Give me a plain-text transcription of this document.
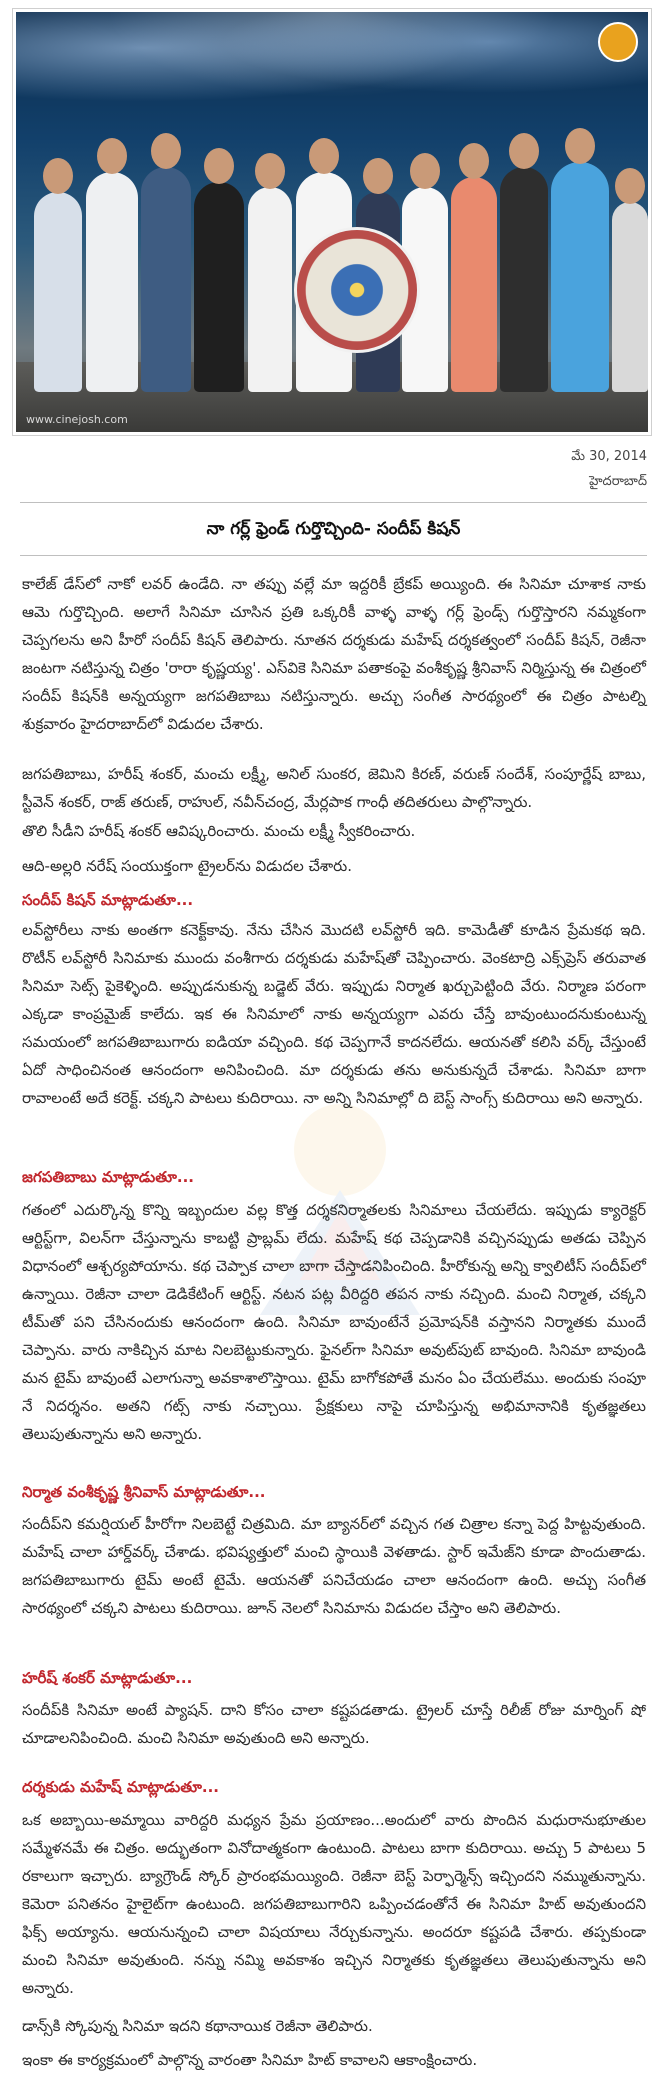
www.cinejosh.com
మే 30, 2014
హైదరాబాద్
నా గర్ల్ ఫ్రెండ్ గుర్తొచ్చింది- సందీప్ కిషన్

కాలేజ్ డేస్‌లో నాకో లవర్ ఉండేది. నా తప్పు వల్లే మా ఇద్దరికీ బ్రేకప్ అయ్యింది. ఈ సినిమా చూశాక నాకు ఆమె గుర్తొచ్చింది. అలాగే సినిమా చూసిన ప్రతి ఒక్కరికీ వాళ్ళ వాళ్ళ గర్ల్ ఫ్రెండ్స్ గుర్తొస్తారని నమ్మకంగా చెప్పగలను అని హీరో సందీప్ కిషన్ తెలిపారు. నూతన దర్శకుడు మహేష్ దర్శకత్వంలో సందీప్ కిషన్, రెజీనా జంటగా నటిస్తున్న చిత్రం 'రారా కృష్ణయ్య'. ఎస్‌వికె సినిమా పతాకంపై వంశీకృష్ణ శ్రీనివాస్ నిర్మిస్తున్న ఈ చిత్రంలో సందీప్ కిషన్‌కి అన్నయ్యగా జగపతిబాబు నటిస్తున్నారు. అచ్చు సంగీత సారథ్యంలో ఈ చిత్రం పాటల్ని శుక్రవారం హైదరాబాద్‌లో విడుదల చేశారు.

జగపతిబాబు, హరీష్ శంకర్, మంచు లక్ష్మీ, అనిల్ సుంకర, జెమిని కిరణ్, వరుణ్ సందేశ్, సంపూర్ణేష్ బాబు, స్టీవెన్ శంకర్, రాజ్ తరుణ్, రాహుల్, నవీన్‌చంద్ర, మేర్లపాక గాంధీ తదితరులు పాల్గొన్నారు.

తొలి సీడీని హరీష్ శంకర్ ఆవిష్కరించారు. మంచు లక్ష్మీ స్వీకరించారు.

ఆది-అల్లరి నరేష్ సంయుక్తంగా ట్రైలర్‌ను విడుదల చేశారు.

సందీప్ కిషన్ మాట్లాడుతూ...

లవ్‌స్టోరీలు నాకు అంతగా కనెక్ట్‌కావు. నేను చేసిన మొదటి లవ్‌స్టోరీ ఇది. కామెడీతో కూడిన ప్రేమకథ ఇది. రొటీన్ లవ్‌స్టోరీ సినిమాకు ముందు వంశీగారు దర్శకుడు మహేష్‌తో చెప్పించారు. వెంకటాద్రి ఎక్స్‌ప్రెస్ తరువాత సినిమా సెట్స్ పైకెళ్ళింది. అప్పుడనుకున్న బడ్జెట్ వేరు. ఇప్పుడు నిర్మాత ఖర్చుపెట్టింది వేరు. నిర్మాణ పరంగా ఎక్కడా కాంప్రమైజ్ కాలేదు. ఇక ఈ సినిమాలో నాకు అన్నయ్యగా ఎవరు చేస్తే బావుంటుందనుకుంటున్న సమయంలో జగపతిబాబుగారు ఐడియా వచ్చింది. కథ చెప్పగానే కాదనలేదు. ఆయనతో కలిసి వర్క్ చేస్తుంటే ఏదో సాధించినంత ఆనందంగా అనిపించింది. మా దర్శకుడు తను అనుకున్నదే చేశాడు. సినిమా బాగా రావాలంటే అదే కరెక్ట్. చక్కని పాటలు కుదిరాయి. నా అన్ని సినిమాల్లో ది బెస్ట్ సాంగ్స్ కుదిరాయి అని అన్నారు.

జగపతిబాబు మాట్లాడుతూ...

గతంలో ఎదుర్కొన్న కొన్ని ఇబ్బందుల వల్ల కొత్త దర్శకనిర్మాతలకు సినిమాలు చేయలేదు. ఇప్పుడు క్యారెక్టర్ ఆర్టిస్ట్‌గా, విలన్‌గా చేస్తున్నాను కాబట్టి ప్రాబ్లమ్ లేదు. మహేష్ కథ చెప్పడానికి వచ్చినప్పుడు అతడు చెప్పిన విధానంలో ఆశ్చర్యపోయాను. కథ చెప్పాక చాలా బాగా చేస్తాడనిపించింది. హీరోకున్న అన్ని క్వాలిటీస్ సందీప్‌లో ఉన్నాయి. రెజీనా చాలా డెడికేటింగ్ ఆర్టిస్ట్. నటన పట్ల వీరిద్దరి తపన నాకు నచ్చింది. మంచి నిర్మాత, చక్కని టీమ్‌తో పని చేసినందుకు ఆనందంగా ఉంది. సినిమా బావుంటేనే ప్రమోషన్‌కి వస్తానని నిర్మాతకు ముందే చెప్పాను. వారు నాకిచ్చిన మాట నిలబెట్టుకున్నారు. ఫైనల్‌గా సినిమా అవుట్‌పుట్ బావుంది. సినిమా బావుండి మన టైమ్ బావుంటే ఎలాగున్నా అవకాశాలొస్తాయి. టైమ్ బాగోకపోతే మనం ఏం చేయలేము. అందుకు సంపూ నే నిదర్శనం. అతని గట్స్ నాకు నచ్చాయి. ప్రేక్షకులు నాపై చూపిస్తున్న అభిమానానికి కృతజ్ఞతలు తెలుపుతున్నాను అని అన్నారు.

నిర్మాత వంశీకృష్ణ శ్రీనివాస్ మాట్లాడుతూ...

సందీప్‌ని కమర్షియల్ హీరోగా నిలబెట్టే చిత్రమిది. మా బ్యానర్‌లో వచ్చిన గత చిత్రాల కన్నా పెద్ద హిట్టవుతుంది. మహేష్ చాలా హార్డ్‌వర్క్ చేశాడు. భవిష్యత్తులో మంచి స్థాయికి వెళతాడు. స్టార్ ఇమేజ్‌ని కూడా పొందుతాడు. జగపతిబాబుగారు టైమ్ అంటే టైమే. ఆయనతో పనిచేయడం చాలా ఆనందంగా ఉంది. అచ్చు సంగీత సారథ్యంలో చక్కని పాటలు కుదిరాయి. జూన్ నెలలో సినిమాను విడుదల చేస్తాం అని తెలిపారు.

హరీష్ శంకర్ మాట్లాడుతూ...

సందీప్‌కి సినిమా అంటే ప్యాషన్. దాని కోసం చాలా కష్టపడతాడు. ట్రైలర్ చూస్తే రిలీజ్ రోజు మార్నింగ్ షో చూడాలనిపించింది. మంచి సినిమా అవుతుంది అని అన్నారు.

దర్శకుడు మహేష్ మాట్లాడుతూ...

ఒక అబ్బాయి-అమ్మాయి వారిద్దరి మధ్యన ప్రేమ ప్రయాణం...అందులో వారు పొందిన మధురానుభూతుల సమ్మేళనమే ఈ చిత్రం. అద్భుతంగా వినోదాత్మకంగా ఉంటుంది. పాటలు బాగా కుదిరాయి. అచ్చు 5 పాటలు 5 రకాలుగా ఇచ్చారు. బ్యాగ్రౌండ్ స్కోర్ ప్రారంభమయ్యింది. రెజీనా బెస్ట్ పెర్ఫార్మెన్స్ ఇచ్చిందని నమ్ముతున్నాను. కెమెరా పనితనం హైలైట్‌గా ఉంటుంది. జగపతిబాబుగారిని ఒప్పించడంతోనే ఈ సినిమా హిట్ అవుతుందని ఫిక్స్ అయ్యాను. ఆయనున్నంచి చాలా విషయాలు నేర్చుకున్నాను. అందరూ కష్టపడి చేశారు. తప్పకుండా మంచి సినిమా అవుతుంది. నన్ను నమ్మి అవకాశం ఇచ్చిన నిర్మాతకు కృతజ్ఞతలు తెలుపుతున్నాను అని అన్నారు.

డాన్స్‌కి స్కోపున్న సినిమా ఇదని కథానాయిక రెజీనా తెలిపారు.

ఇంకా ఈ కార్యక్రమంలో పాల్గొన్న వారంతా సినిమా హిట్ కావాలని ఆకాంక్షించారు.
